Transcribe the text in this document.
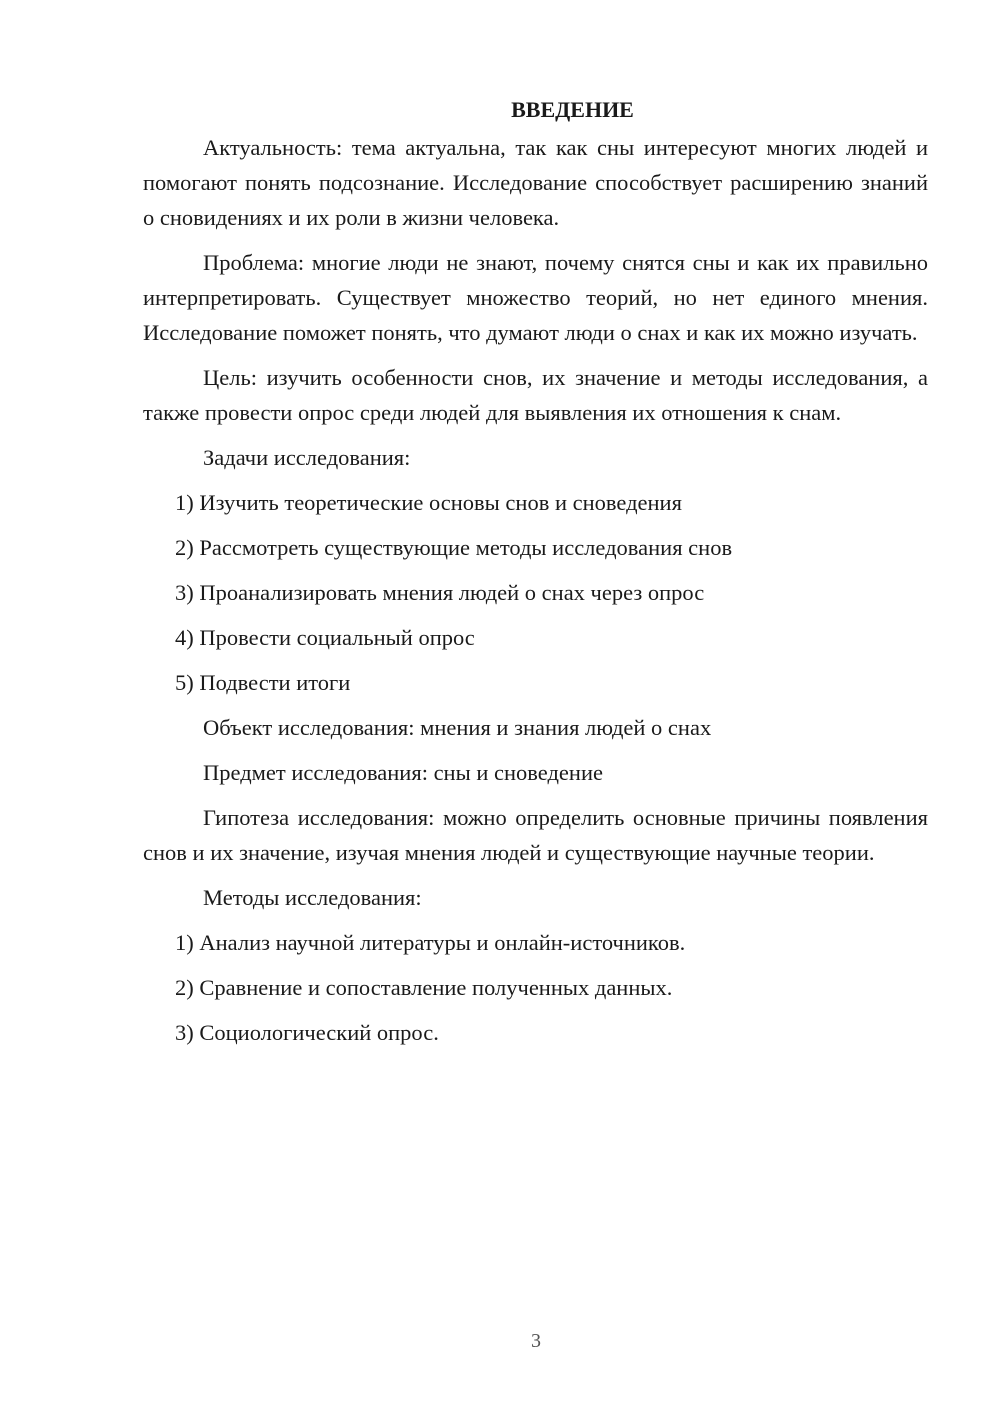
ВВЕДЕНИЕ

Актуальность: тема актуальна, так как сны интересуют многих людей и помогают понять подсознание. Исследование способствует расширению знаний о сновидениях и их роли в жизни человека.

Проблема: многие люди не знают, почему снятся сны и как их правильно интерпретировать. Существует множество теорий, но нет единого мнения. Исследование поможет понять, что думают люди о снах и как их можно изучать.

Цель: изучить особенности снов, их значение и методы исследования, а также провести опрос среди людей для выявления их отношения к снам.

Задачи исследования:
1) Изучить теоретические основы снов и сноведения
2) Рассмотреть существующие методы исследования снов
3) Проанализировать мнения людей о снах через опрос
4) Провести социальный опрос
5) Подвести итоги
Объект исследования: мнения и знания людей о снах
Предмет исследования: сны и сноведение

Гипотеза исследования: можно определить основные причины появления снов и их значение, изучая мнения людей и существующие научные теории.

Методы исследования:
1) Анализ научной литературы и онлайн-источников.
2) Сравнение и сопоставление полученных данных.
3) Социологический опрос.
3
